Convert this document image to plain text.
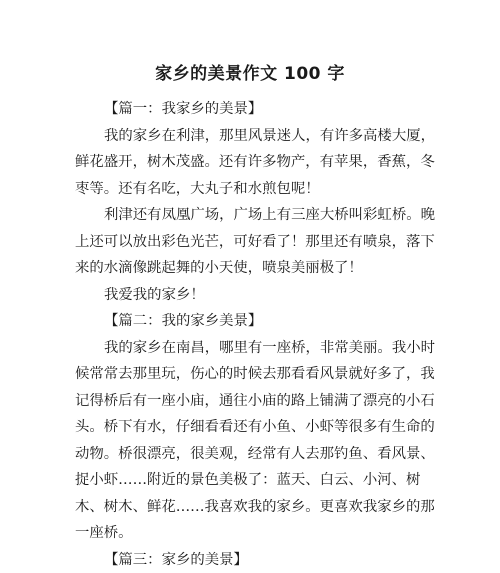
家乡的美景作文 100 字
【篇一：我家乡的美景】
我的家乡在利津，那里风景迷人，有许多高楼大厦，
鲜花盛开，树木茂盛。还有许多物产，有苹果，香蕉，冬
枣等。还有名吃，大丸子和水煎包呢！
利津还有凤凰广场，广场上有三座大桥叫彩虹桥。晚
上还可以放出彩色光芒，可好看了！那里还有喷泉，落下
来的水滴像跳起舞的小天使，喷泉美丽极了！
我爱我的家乡！
【篇二：我的家乡美景】
我的家乡在南昌，哪里有一座桥，非常美丽。我小时
候常常去那里玩，伤心的时候去那看看风景就好多了，我
记得桥后有一座小庙，通往小庙的路上铺满了漂亮的小石
头。桥下有水，仔细看看还有小鱼、小虾等很多有生命的
动物。桥很漂亮，很美观，经常有人去那钓鱼、看风景、
捉小虾……附近的景色美极了：蓝天、白云、小河、树
木、树木、鲜花……我喜欢我的家乡。更喜欢我家乡的那
一座桥。
【篇三：家乡的美景】
